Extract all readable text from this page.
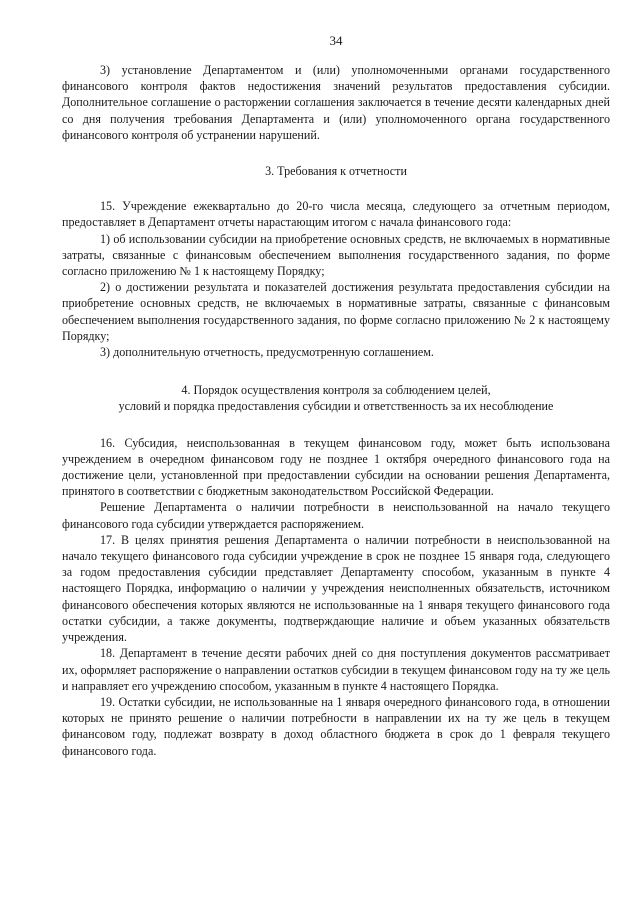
34

3) установление Департаментом и (или) уполномоченными органами государственного финансового контроля фактов недостижения значений результатов предоставления субсидии. Дополнительное соглашение о расторжении соглашения заключается в течение десяти календарных дней со дня получения требования Департамента и (или) уполномоченного органа государственного финансового контроля об устранении нарушений.

3. Требования к отчетности

15. Учреждение ежеквартально до 20-го числа месяца, следующего за отчетным периодом, предоставляет в Департамент отчеты нарастающим итогом с начала финансового года:

1) об использовании субсидии на приобретение основных средств, не включаемых в нормативные затраты, связанные с финансовым обеспечением выполнения государственного задания, по форме согласно приложению № 1 к настоящему Порядку;

2) о достижении результата и показателей достижения результата предоставления субсидии на приобретение основных средств, не включаемых в нормативные затраты, связанные с финансовым обеспечением выполнения государственного задания, по форме согласно приложению № 2 к настоящему Порядку;

3) дополнительную отчетность, предусмотренную соглашением.

4. Порядок осуществления контроля за соблюдением целей,
условий и порядка предоставления субсидии и ответственность за их несоблюдение

16. Субсидия, неиспользованная в текущем финансовом году, может быть использована учреждением в очередном финансовом году не позднее 1 октября очередного финансового года на достижение цели, установленной при предоставлении субсидии на основании решения Департамента, принятого в соответствии с бюджетным законодательством Российской Федерации.

Решение Департамента о наличии потребности в неиспользованной на начало текущего финансового года субсидии утверждается распоряжением.

17. В целях принятия решения Департамента о наличии потребности в неиспользованной на начало текущего финансового года субсидии учреждение в срок не позднее 15 января года, следующего за годом предоставления субсидии представляет Департаменту способом, указанным в пункте 4 настоящего Порядка, информацию о наличии у учреждения неисполненных обязательств, источником финансового обеспечения которых являются не использованные на 1 января текущего финансового года остатки субсидии, а также документы, подтверждающие наличие и объем указанных обязательств учреждения.

18. Департамент в течение десяти рабочих дней со дня поступления документов рассматривает их, оформляет распоряжение о направлении остатков субсидии в текущем финансовом году на ту же цель и направляет его учреждению способом, указанным в пункте 4 настоящего Порядка.

19. Остатки субсидии, не использованные на 1 января очередного финансового года, в отношении которых не принято решение о наличии потребности в направлении их на ту же цель в текущем финансовом году, подлежат возврату в доход областного бюджета в срок до 1 февраля текущего финансового года.
